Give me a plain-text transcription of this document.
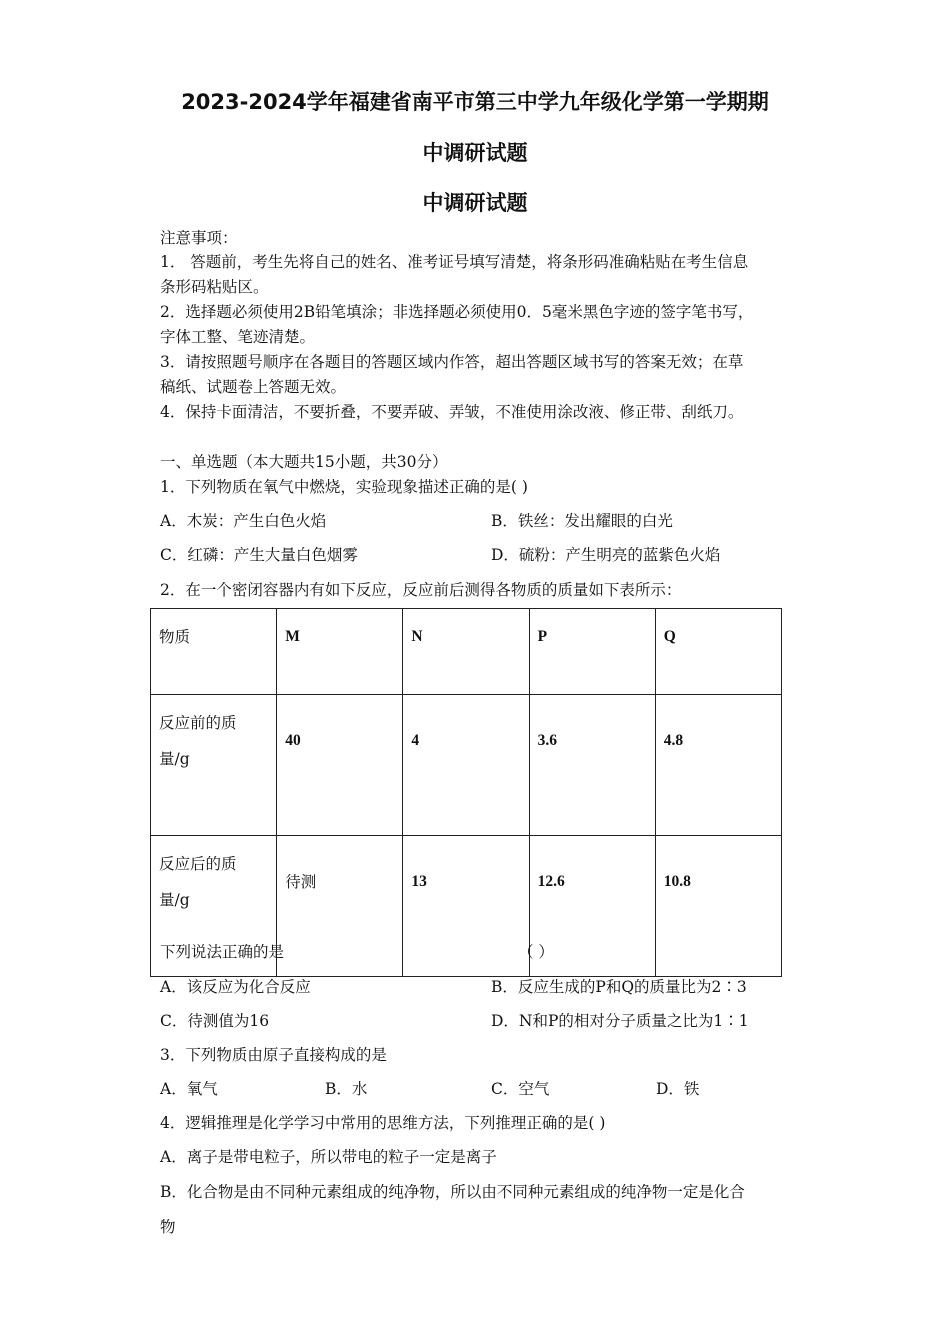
2023-2024学年福建省南平市第三中学九年级化学第一学期期
中调研试题
中调研试题
注意事项：
1． 答题前，考生先将自己的姓名、准考证号填写清楚，将条形码准确粘贴在考生信息
条形码粘贴区。
2．选择题必须使用2B铅笔填涂；非选择题必须使用0．5毫米黑色字迹的签字笔书写，
字体工整、笔迹清楚。
3．请按照题号顺序在各题目的答题区域内作答，超出答题区域书写的答案无效；在草
稿纸、试题卷上答题无效。
4．保持卡面清洁，不要折叠，不要弄破、弄皱，不准使用涂改液、修正带、刮纸刀。
一、单选题（本大题共15小题，共30分）
1．下列物质在氧气中燃烧，实验现象描述正确的是( )
A．木炭：产生白色火焰	B．铁丝：发出耀眼的白光
C．红磷：产生大量白色烟雾	D．硫粉：产生明亮的蓝紫色火焰
2．在一个密闭容器内有如下反应，反应前后测得各物质的质量如下表所示：
物质	M	N	P	Q
反应前的质
量/g	40	4	3.6	4.8
反应后的质
量/g	待测	13	12.6	10.8
下列说法正确的是	（ ）
A．该反应为化合反应	B．反应生成的P和Q的质量比为2∶3
C．待测值为16	D．N和P的相对分子质量之比为1∶1
3．下列物质由原子直接构成的是
A．氧气	B．水	C．空气	D．铁
4．逻辑推理是化学学习中常用的思维方法，下列推理正确的是( )
A．离子是带电粒子，所以带电的粒子一定是离子
B．化合物是由不同种元素组成的纯净物，所以由不同种元素组成的纯净物一定是化合
物
